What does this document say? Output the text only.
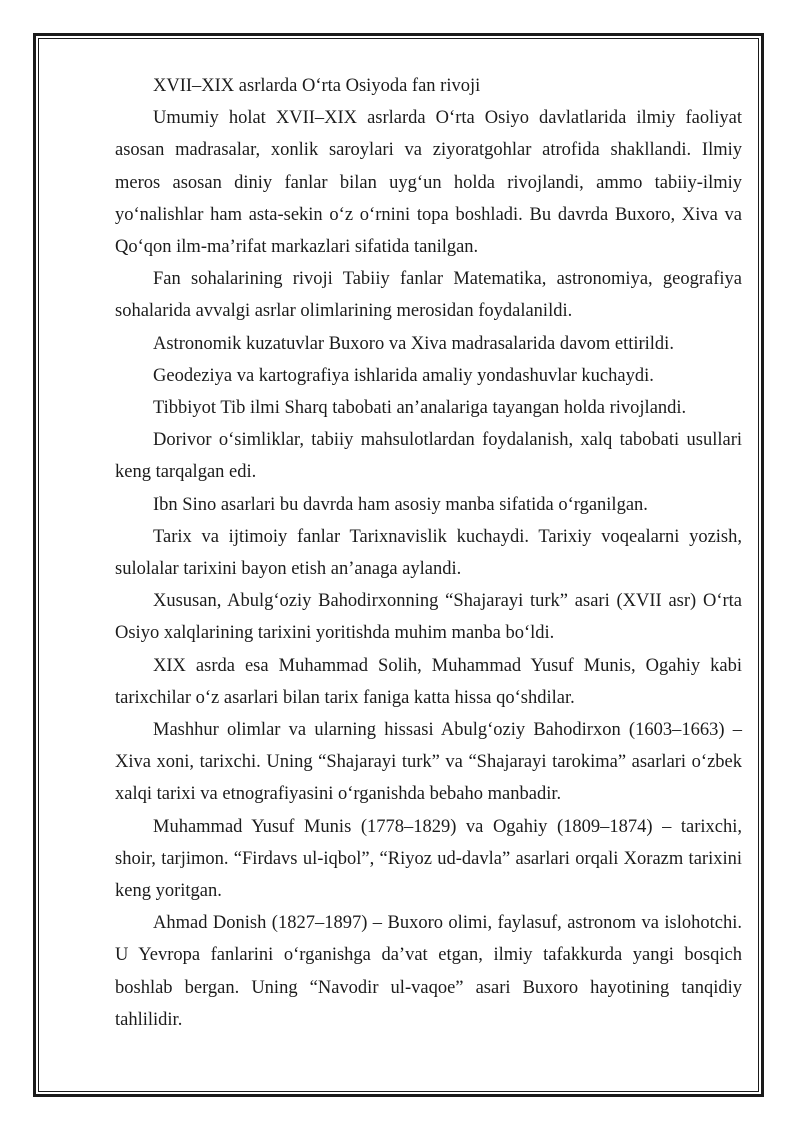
XVII–XIX asrlarda O‘rta Osiyoda fan rivoji

Umumiy holat XVII–XIX asrlarda O‘rta Osiyo davlatlarida ilmiy faoliyat asosan madrasalar, xonlik saroylari va ziyoratgohlar atrofida shakllandi. Ilmiy meros asosan diniy fanlar bilan uyg‘un holda rivojlandi, ammo tabiiy-ilmiy yo‘nalishlar ham asta-sekin o‘z o‘rnini topa boshladi. Bu davrda Buxoro, Xiva va Qo‘qon ilm-ma’rifat markazlari sifatida tanilgan.

Fan sohalarining rivoji Tabiiy fanlar Matematika, astronomiya, geografiya sohalarida avvalgi asrlar olimlarining merosidan foydalanildi.

Astronomik kuzatuvlar Buxoro va Xiva madrasalarida davom ettirildi.

Geodeziya va kartografiya ishlarida amaliy yondashuvlar kuchaydi.

Tibbiyot Tib ilmi Sharq tabobati an’analariga tayangan holda rivojlandi.

Dorivor o‘simliklar, tabiiy mahsulotlardan foydalanish, xalq tabobati usullari keng tarqalgan edi.

Ibn Sino asarlari bu davrda ham asosiy manba sifatida o‘rganilgan.

Tarix va ijtimoiy fanlar Tarixnavislik kuchaydi. Tarixiy voqealarni yozish, sulolalar tarixini bayon etish an’anaga aylandi.

Xususan, Abulg‘oziy Bahodirxonning “Shajarayi turk” asari (XVII asr) O‘rta Osiyo xalqlarining tarixini yoritishda muhim manba bo‘ldi.

XIX asrda esa Muhammad Solih, Muhammad Yusuf Munis, Ogahiy kabi tarixchilar o‘z asarlari bilan tarix faniga katta hissa qo‘shdilar.

Mashhur olimlar va ularning hissasi Abulg‘oziy Bahodirxon (1603–1663) – Xiva xoni, tarixchi. Uning “Shajarayi turk” va “Shajarayi tarokima” asarlari o‘zbek xalqi tarixi va etnografiyasini o‘rganishda bebaho manbadir.

Muhammad Yusuf Munis (1778–1829) va Ogahiy (1809–1874) – tarixchi, shoir, tarjimon. “Firdavs ul-iqbol”, “Riyoz ud-davla” asarlari orqali Xorazm tarixini keng yoritgan.

Ahmad Donish (1827–1897) – Buxoro olimi, faylasuf, astronom va islohotchi. U Yevropa fanlarini o‘rganishga da’vat etgan, ilmiy tafakkurda yangi bosqich boshlab bergan. Uning “Navodir ul-vaqoe” asari Buxoro hayotining tanqidiy tahlilidir.
